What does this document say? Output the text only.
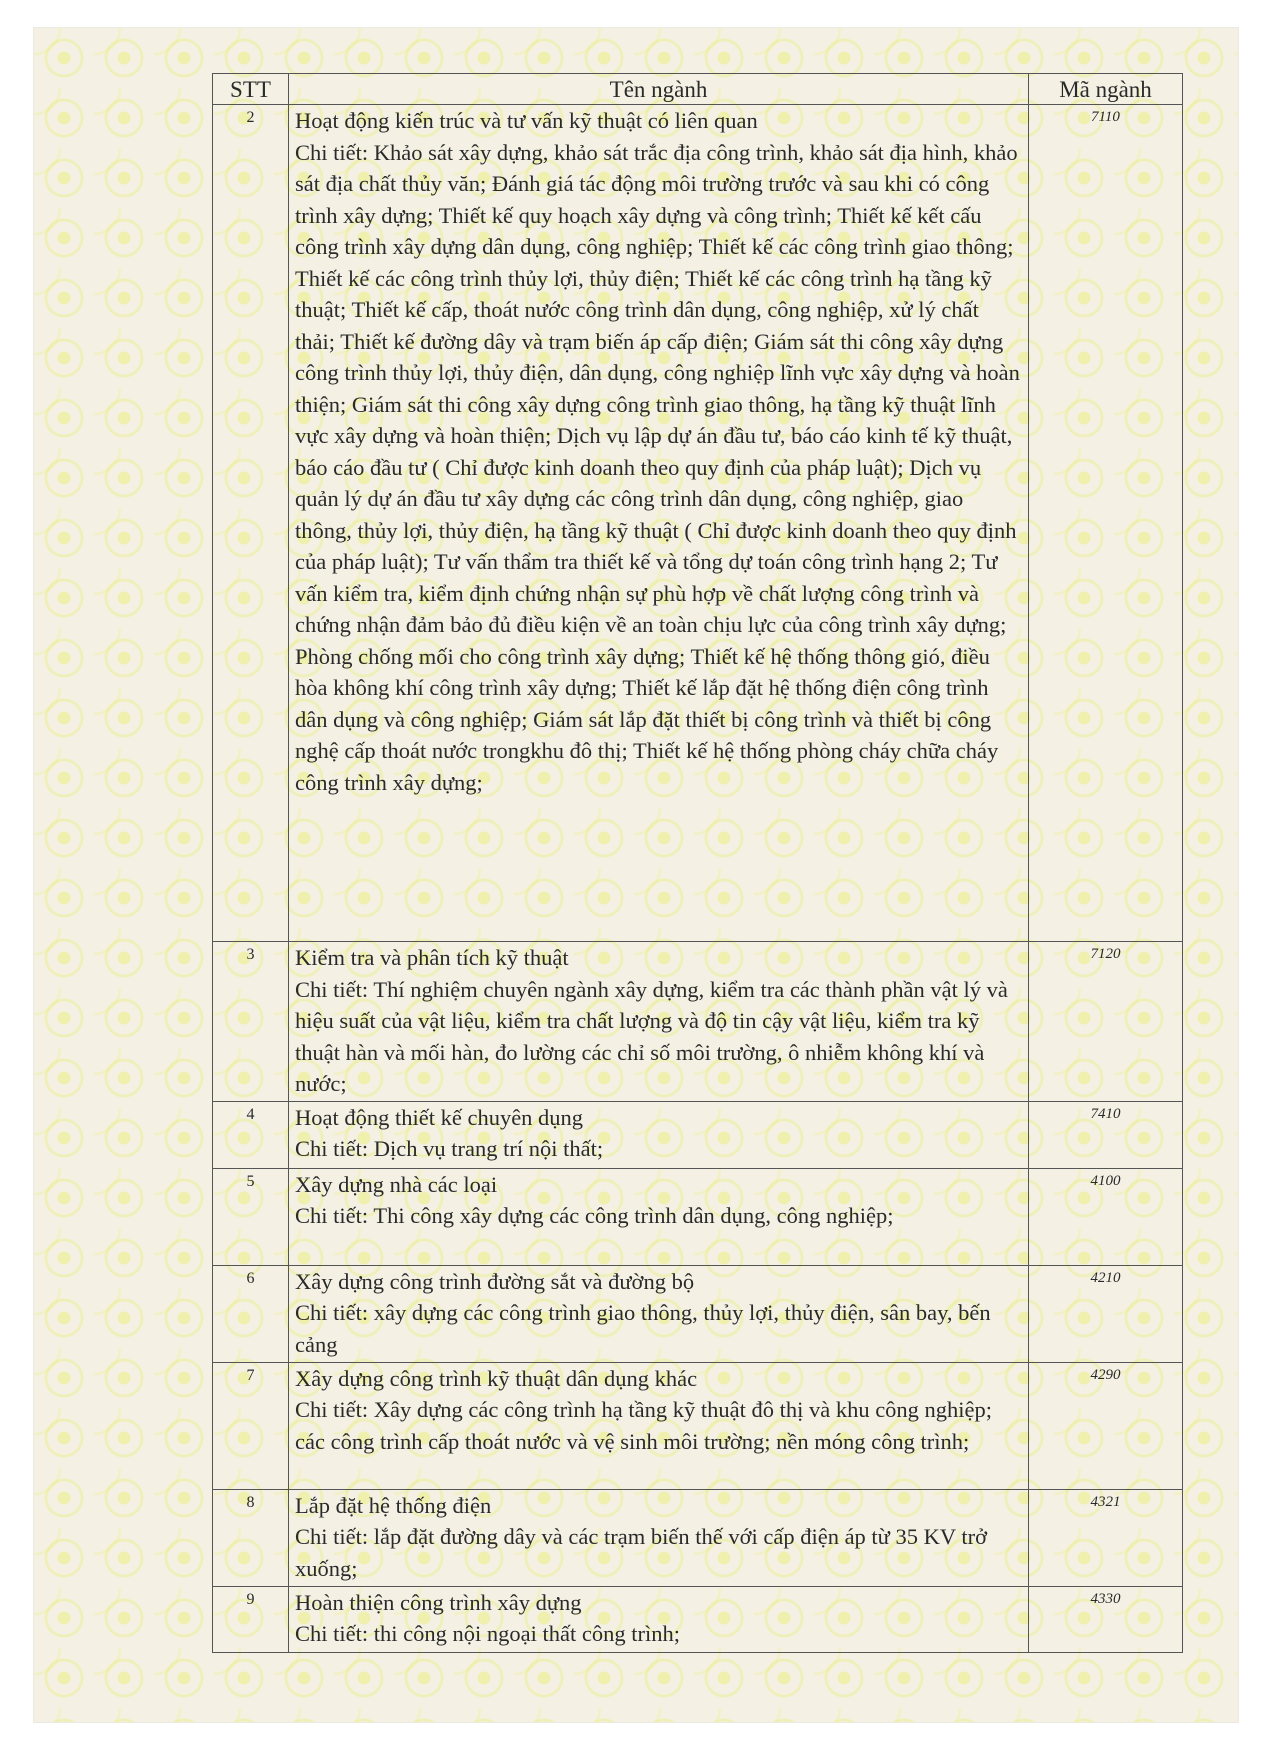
STT	Tên ngành	Mã ngành
2	Hoạt động kiến trúc và tư vấn kỹ thuật có liên quan
Chi tiết: Khảo sát xây dựng, khảo sát trắc địa công trình, khảo sát địa hình, khảo sát địa chất thủy văn; Đánh giá tác động môi trường trước và sau khi có công trình xây dựng; Thiết kế quy hoạch xây dựng và công trình; Thiết kế kết cấu công trình xây dựng dân dụng, công nghiệp; Thiết kế các công trình giao thông; Thiết kế các công trình thủy lợi, thủy điện; Thiết kế các công trình hạ tầng kỹ thuật; Thiết kế cấp, thoát nước công trình dân dụng, công nghiệp, xử lý chất thải; Thiết kế đường dây và trạm biến áp cấp điện; Giám sát thi công xây dựng công trình thủy lợi, thủy điện, dân dụng, công nghiệp lĩnh vực xây dựng và hoàn thiện; Giám sát thi công xây dựng công trình giao thông, hạ tầng kỹ thuật lĩnh vực xây dựng và hoàn thiện; Dịch vụ lập dự án đầu tư, báo cáo kinh tế kỹ thuật, báo cáo đầu tư ( Chỉ được kinh doanh theo quy định của pháp luật); Dịch vụ quản lý dự án đầu tư xây dựng các công trình dân dụng, công nghiệp, giao thông, thủy lợi, thủy điện, hạ tầng kỹ thuật ( Chỉ được kinh doanh theo quy định của pháp luật); Tư vấn thẩm tra thiết kế và tổng dự toán công trình hạng 2; Tư vấn kiểm tra, kiểm định chứng nhận sự phù hợp về chất lượng công trình và chứng nhận đảm bảo đủ điều kiện về an toàn chịu lực của công trình xây dựng; Phòng chống mối cho công trình xây dựng; Thiết kế hệ thống thông gió, điều hòa không khí công trình xây dựng; Thiết kế lắp đặt hệ thống điện công trình dân dụng và công nghiệp; Giám sát lắp đặt thiết bị công trình và thiết bị công nghệ cấp thoát nước trongkhu đô thị; Thiết kế hệ thống phòng cháy chữa cháy công trình xây dựng;	7110
3	Kiểm tra và phân tích kỹ thuật
Chi tiết: Thí nghiệm chuyên ngành xây dựng, kiểm tra các thành phần vật lý và hiệu suất của vật liệu, kiểm tra chất lượng và độ tin cậy vật liệu, kiểm tra kỹ thuật hàn và mối hàn, đo lường các chỉ số môi trường, ô nhiễm không khí và nước;	7120
4	Hoạt động thiết kế chuyên dụng
Chi tiết: Dịch vụ trang trí nội thất;	7410
5	Xây dựng nhà các loại
Chi tiết: Thi công xây dựng các công trình dân dụng, công nghiệp;	4100
6	Xây dựng công trình đường sắt và đường bộ
Chi tiết: xây dựng các công trình giao thông, thủy lợi, thủy điện, sân bay, bến cảng	4210
7	Xây dựng công trình kỹ thuật dân dụng khác
Chi tiết: Xây dựng các công trình hạ tầng kỹ thuật đô thị và khu công nghiệp; các công trình cấp thoát nước và vệ sinh môi trường; nền móng công trình;	4290
8	Lắp đặt hệ thống điện
Chi tiết: lắp đặt đường dây và các trạm biến thế với cấp điện áp từ 35 KV trở xuống;	4321
9	Hoàn thiện công trình xây dựng
Chi tiết: thi công nội ngoại thất công trình;	4330
